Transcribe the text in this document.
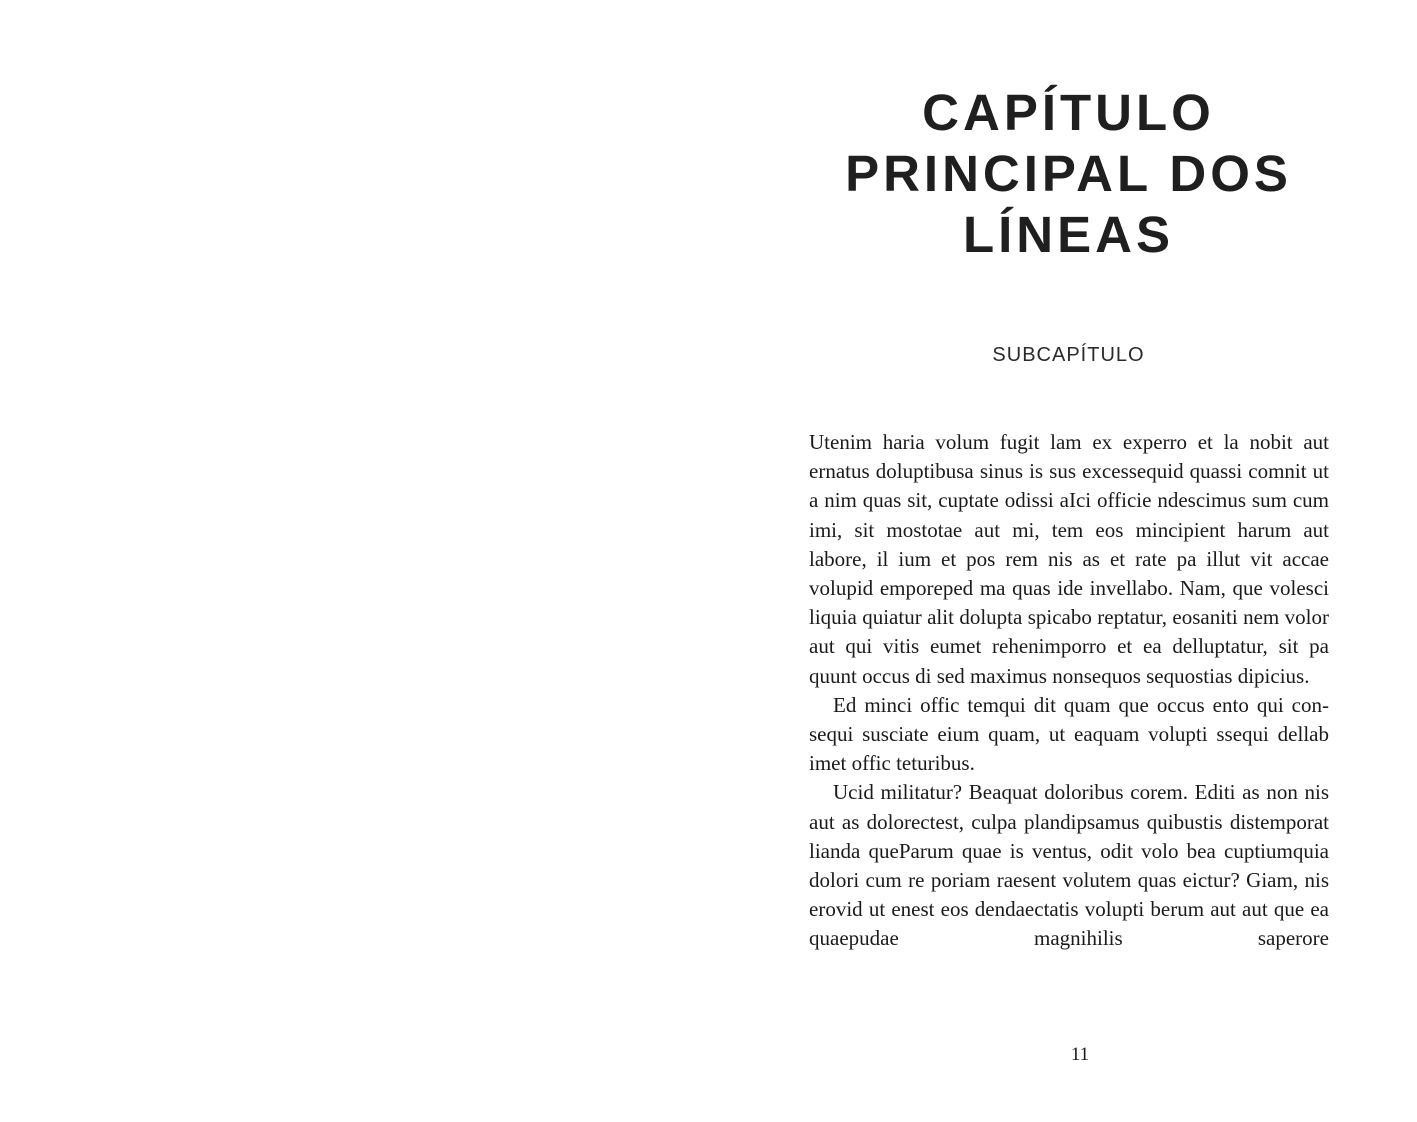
CAPÍTULO PRINCIPAL DOS LÍNEAS
SUBCAPÍTULO

Utenim haria volum fugit lam ex experro et la nobit aut ernatus doluptibusa sinus is sus excessequid quassi comnit ut a nim quas sit, cuptate odissi aIci officie ndescimus sum cum imi, sit mostotae aut mi, tem eos mincipient harum aut labore, il ium et pos rem nis as et rate pa illut vit accae volupid emporeped ma quas ide invellabo. Nam, que volesci liquia quiatur alit dolupta spicabo reptatur, eosaniti nem volor aut qui vitis eumet rehenimporro et ea delluptatur, sit pa quunt occus di sed maximus nonsequos sequostias dipicius.

Ed minci offic temqui dit quam que occus ento qui consequi susciate eium quam, ut eaquam volupti ssequi dellab imet offic teturibus.

Ucid militatur? Beaquat doloribus corem. Editi as non nis aut as dolorectest, culpa plandipsamus quibustis distemporat lianda queParum quae is ventus, odit volo bea cuptiumquia dolori cum re poriam raesent volutem quas eictur? Giam, nis erovid ut enest eos dendaectatis volupti berum aut aut que ea quaepudae magnihilis saperore

11
